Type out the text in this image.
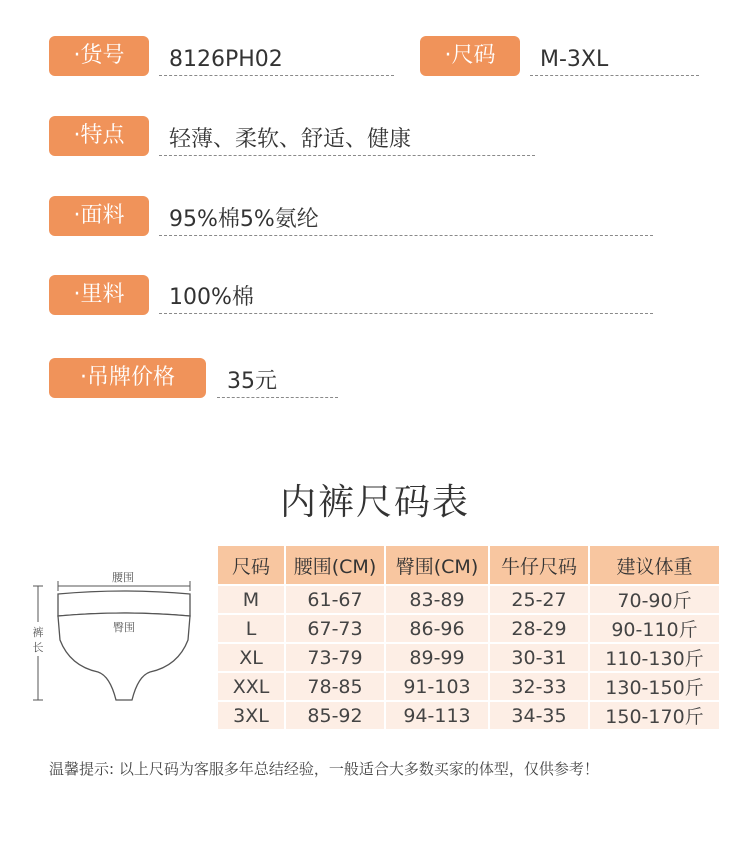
·货号	8126PH02	·尺码	M-3XL
·特点	轻薄、柔软、舒适、健康
·面料	95%棉5%氨纶
·里料	100%棉
·吊牌价格	35元
内裤尺码表
腰围
裤
长
臀围
尺码	腰围(CM)	臀围(CM)	牛仔尺码	建议体重
M	61-67	83-89	25-27	70-90斤
L	67-73	86-96	28-29	90-110斤
XL	73-79	89-99	30-31	110-130斤
XXL	78-85	91-103	32-33	130-150斤
3XL	85-92	94-113	34-35	150-170斤
温馨提示: 以上尺码为客服多年总结经验，一般适合大多数买家的体型，仅供参考！
